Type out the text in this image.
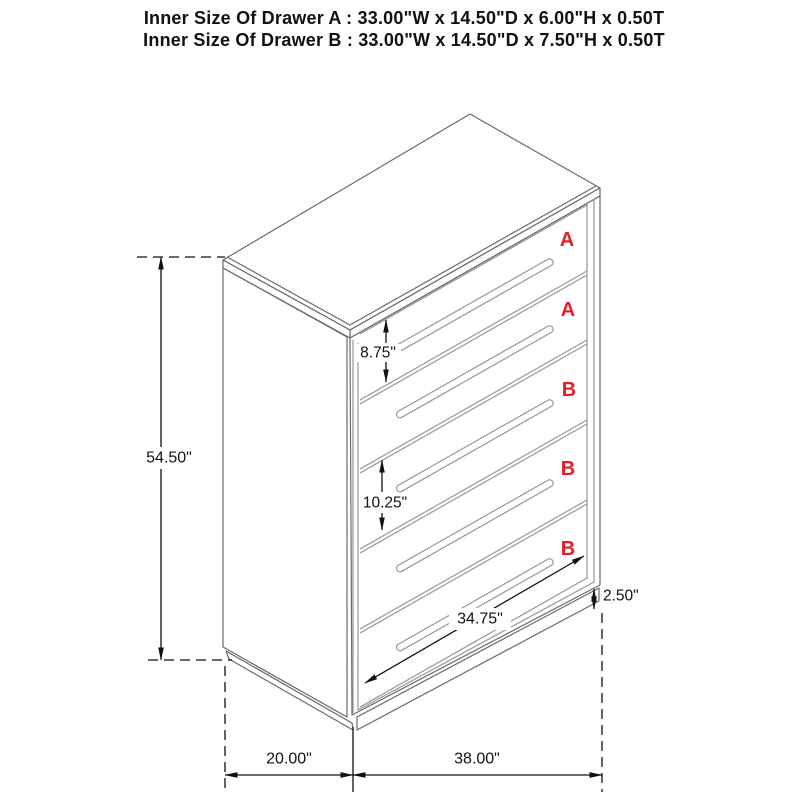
Inner Size Of Drawer A : 33.00"W x 14.50"D x 6.00"H x 0.50T
Inner Size Of Drawer B : 33.00"W x 14.50"D x 7.50"H x 0.50T
A
A
B
B
B
54.50"
8.75"
10.25"
2.50"
34.75"
20.00"	38.00"
